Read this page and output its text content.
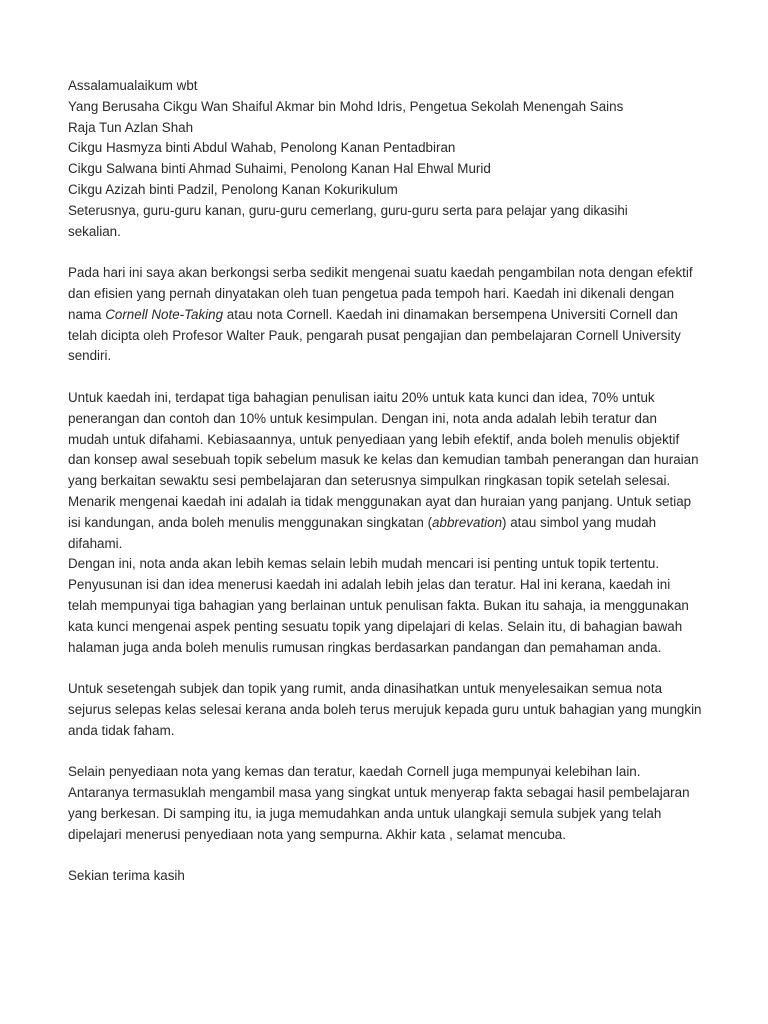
Assalamualaikum wbt
Yang Berusaha Cikgu Wan Shaiful Akmar bin Mohd Idris, Pengetua Sekolah Menengah Sains
Raja Tun Azlan Shah
Cikgu Hasmyza binti Abdul Wahab, Penolong Kanan Pentadbiran
Cikgu Salwana binti Ahmad Suhaimi, Penolong Kanan Hal Ehwal Murid
Cikgu Azizah binti Padzil, Penolong Kanan Kokurikulum
Seterusnya, guru-guru kanan, guru-guru cemerlang, guru-guru serta para pelajar yang dikasihi
sekalian.
Pada hari ini saya akan berkongsi serba sedikit mengenai suatu kaedah pengambilan nota dengan efektif
dan efisien yang pernah dinyatakan oleh tuan pengetua pada tempoh hari. Kaedah ini dikenali dengan
nama Cornell Note-Taking atau nota Cornell. Kaedah ini dinamakan bersempena Universiti Cornell dan
telah dicipta oleh Profesor Walter Pauk, pengarah pusat pengajian dan pembelajaran Cornell University
sendiri.
Untuk kaedah ini, terdapat tiga bahagian penulisan iaitu 20% untuk kata kunci dan idea, 70% untuk
penerangan dan contoh dan 10% untuk kesimpulan. Dengan ini, nota anda adalah lebih teratur dan
mudah untuk difahami. Kebiasaannya, untuk penyediaan yang lebih efektif, anda boleh menulis objektif
dan konsep awal sesebuah topik sebelum masuk ke kelas dan kemudian tambah penerangan dan huraian
yang berkaitan sewaktu sesi pembelajaran dan seterusnya simpulkan ringkasan topik setelah selesai.
Menarik mengenai kaedah ini adalah ia tidak menggunakan ayat dan huraian yang panjang. Untuk setiap
isi kandungan, anda boleh menulis menggunakan singkatan (abbrevation) atau simbol yang mudah
difahami.
Dengan ini, nota anda akan lebih kemas selain lebih mudah mencari isi penting untuk topik tertentu.
Penyusunan isi dan idea menerusi kaedah ini adalah lebih jelas dan teratur. Hal ini kerana, kaedah ini
telah mempunyai tiga bahagian yang berlainan untuk penulisan fakta. Bukan itu sahaja, ia menggunakan
kata kunci mengenai aspek penting sesuatu topik yang dipelajari di kelas. Selain itu, di bahagian bawah
halaman juga anda boleh menulis rumusan ringkas berdasarkan pandangan dan pemahaman anda.
Untuk sesetengah subjek dan topik yang rumit, anda dinasihatkan untuk menyelesaikan semua nota
sejurus selepas kelas selesai kerana anda boleh terus merujuk kepada guru untuk bahagian yang mungkin
anda tidak faham.
Selain penyediaan nota yang kemas dan teratur, kaedah Cornell juga mempunyai kelebihan lain.
Antaranya termasuklah mengambil masa yang singkat untuk menyerap fakta sebagai hasil pembelajaran
yang berkesan. Di samping itu, ia juga memudahkan anda untuk ulangkaji semula subjek yang telah
dipelajari menerusi penyediaan nota yang sempurna. Akhir kata , selamat mencuba.
Sekian terima kasih
